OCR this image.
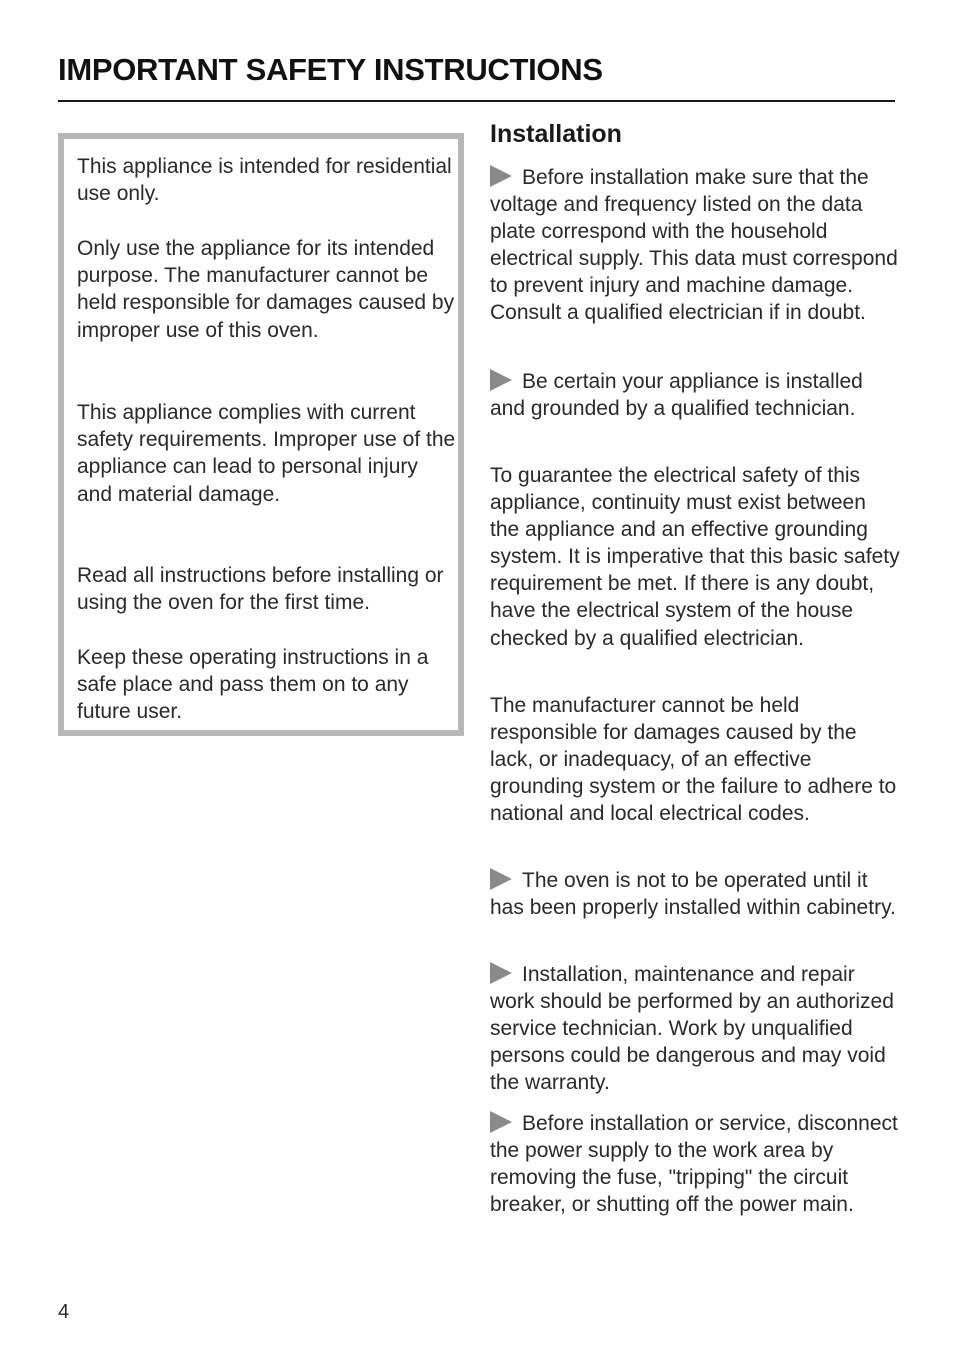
IMPORTANT SAFETY INSTRUCTIONS

This appliance is intended for residential use only.

Only use the appliance for its intended purpose. The manufacturer cannot be held responsible for damages caused by improper use of this oven.

This appliance complies with current safety requirements. Improper use of the appliance can lead to personal injury and material damage.

Read all instructions before installing or using the oven for the first time.

Keep these operating instructions in a safe place and pass them on to any future user.

Installation

Before installation make sure that the voltage and frequency listed on the data plate correspond with the household electrical supply. This data must correspond to prevent injury and machine damage. Consult a qualified electrician if in doubt.

Be certain your appliance is installed and grounded by a qualified technician.

To guarantee the electrical safety of this appliance, continuity must exist between the appliance and an effective grounding system. It is imperative that this basic safety requirement be met. If there is any doubt, have the electrical system of the house checked by a qualified electrician.

The manufacturer cannot be held responsible for damages caused by the lack, or inadequacy, of an effective grounding system or the failure to adhere to national and local electrical codes.

The oven is not to be operated until it has been properly installed within cabinetry.

Installation, maintenance and repair work should be performed by an authorized service technician. Work by unqualified persons could be dangerous and may void the warranty.

Before installation or service, disconnect the power supply to the work area by removing the fuse, "tripping" the circuit breaker, or shutting off the power main.

4
